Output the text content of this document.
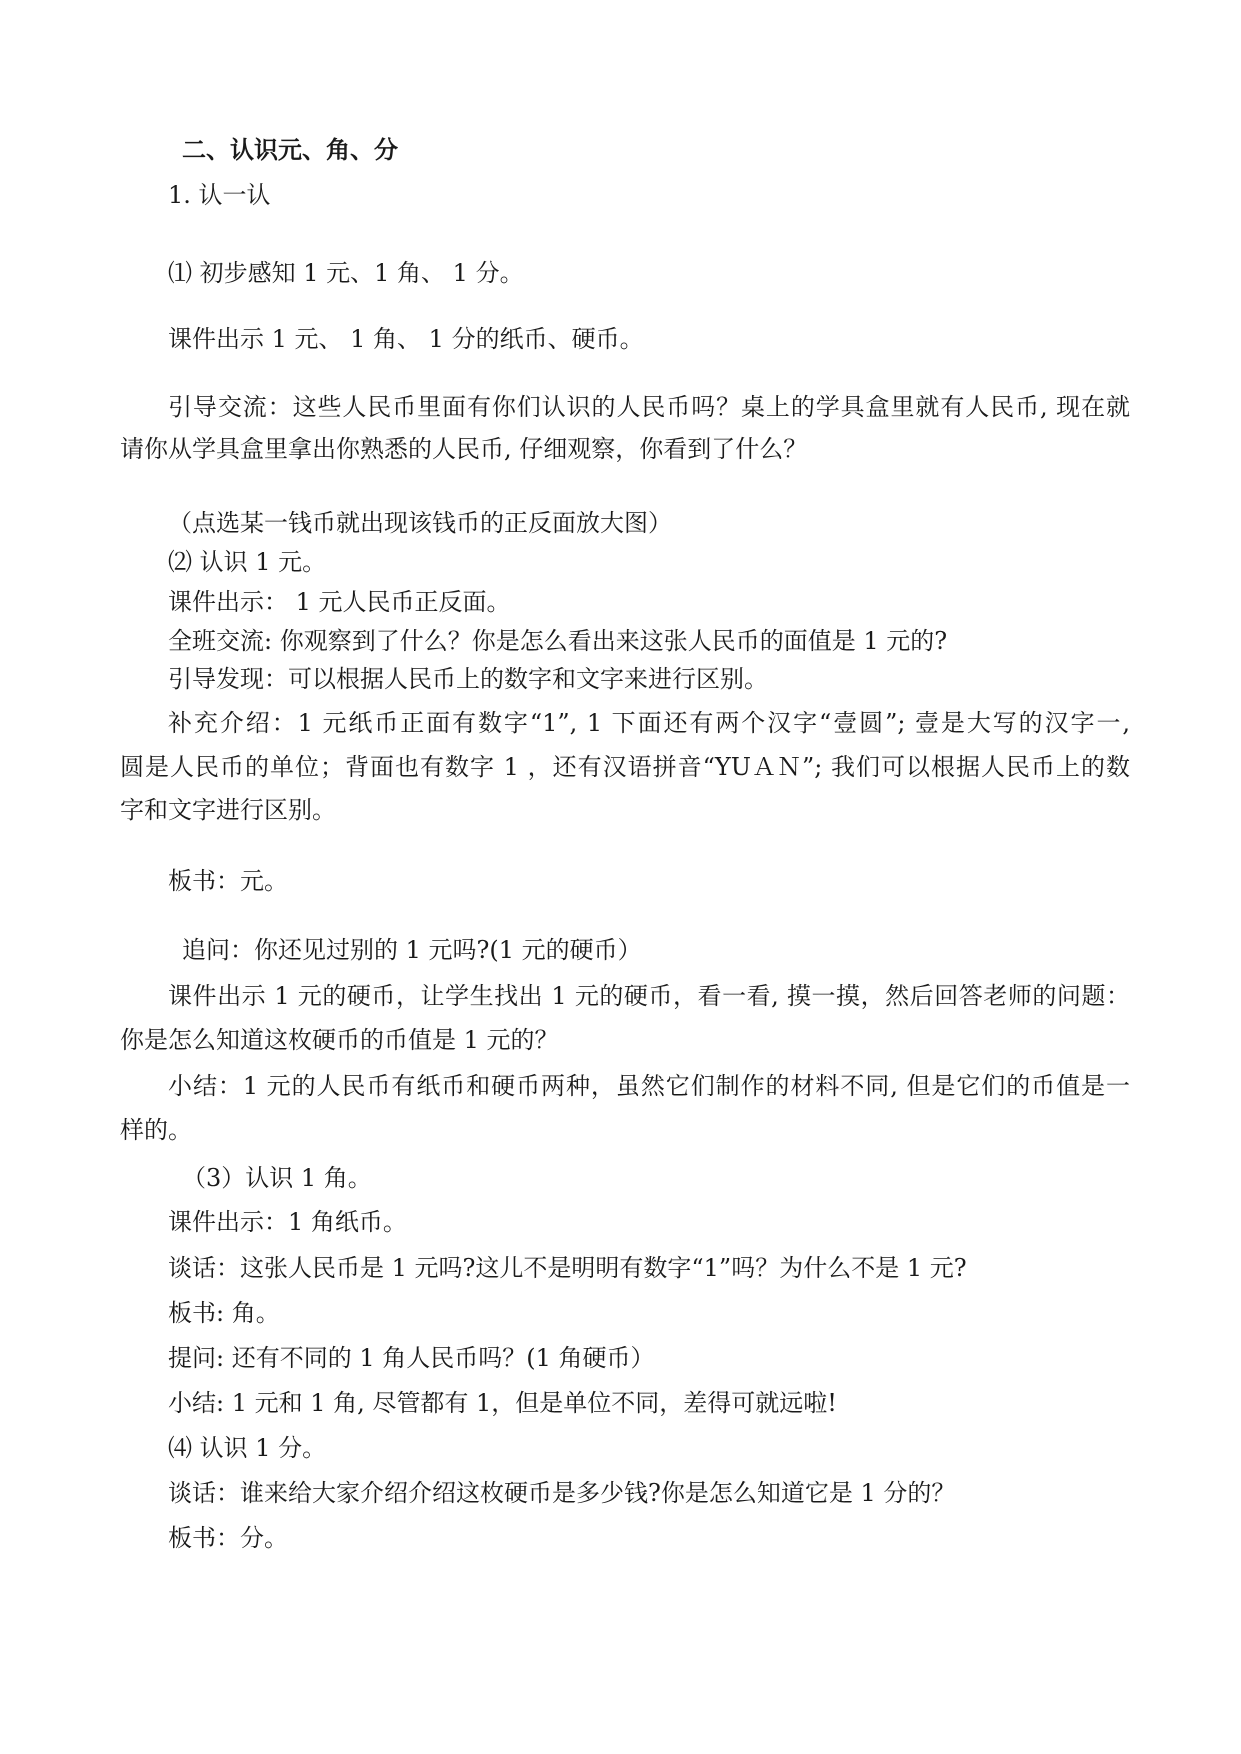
二、认识元、角、分
1. 认一认
⑴ 初步感知 1 元、1 角、 1 分。
课件出示 1 元、 1 角、 1 分的纸币、硬币。
引导交流：这些人民币里面有你们认识的人民币吗？桌上的学具盒里就有人民币, 现在就
请你从学具盒里拿出你熟悉的人民币, 仔细观察，你看到了什么？
（点选某一钱币就出现该钱币的正反面放大图）
⑵ 认识 1 元。
课件出示： 1 元人民币正反面。
全班交流: 你观察到了什么？你是怎么看出来这张人民币的面值是 1 元的?
引导发现：可以根据人民币上的数字和文字来进行区别。
补充介绍：1 元纸币正面有数字“1”, 1 下面还有两个汉字“壹圆”; 壹是大写的汉字一,
圆是人民币的单位；背面也有数字 1 ，还有汉语拼音“YUＡＮ”; 我们可以根据人民币上的数
字和文字进行区别。
板书：元。
追问：你还见过别的 1 元吗?(1 元的硬币）
课件出示 1 元的硬币，让学生找出 1 元的硬币，看一看, 摸一摸，然后回答老师的问题：
你是怎么知道这枚硬币的币值是 1 元的？
小结：1 元的人民币有纸币和硬币两种，虽然它们制作的材料不同, 但是它们的币值是一
样的。
（3）认识 1 角。
课件出示：1 角纸币。
谈话：这张人民币是 1 元吗?这儿不是明明有数字“1”吗？为什么不是 1 元?
板书: 角。
提问: 还有不同的 1 角人民币吗？(1 角硬币）
小结: 1 元和 1 角, 尽管都有 1，但是单位不同，差得可就远啦!
⑷ 认识 1 分。
谈话：谁来给大家介绍介绍这枚硬币是多少钱?你是怎么知道它是 1 分的？
板书：分。
